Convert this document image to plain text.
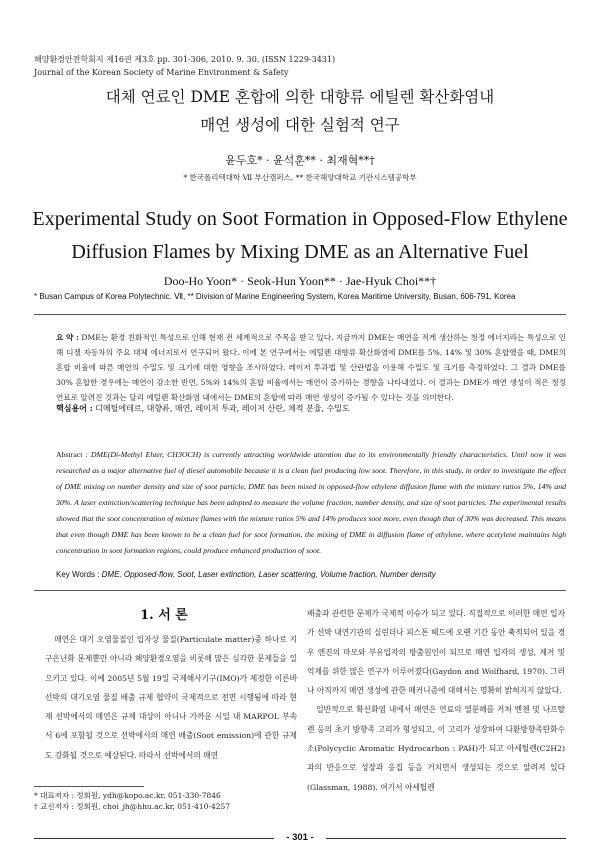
해양환경안전학회지 제16권 제3호 pp. 301-306, 2010. 9. 30. (ISSN 1229-3431)
Journal of the Korean Society of Marine Environment & Safety
대체 연료인 DME 혼합에 의한 대향류 에틸렌 확산화염내
매연 생성에 대한 실험적 연구
윤두호* · 윤석훈** · 최재혁**†
* 한국폴리텍대학 Ⅶ 부산캠퍼스, ** 한국해양대학교 기관시스템공학부
Experimental Study on Soot Formation in Opposed-Flow Ethylene
Diffusion Flames by Mixing DME as an Alternative Fuel
Doo-Ho Yoon* · Seok-Hun Yoon** · Jae-Hyuk Choi**†
* Busan Campus of Korea Polytechnic. Ⅶ, ** Division of Marine Engineering System, Korea Maritime University, Busan, 606-791, Korea
요 약 : DME는 환경 친화적인 특성으로 인해 현재 전 세계적으로 주목을 받고 있다. 지금까지 DME는 매연을 적게 생산하는 청정 에너지라는 특성으로 인해 디젤 자동차의 주요 대체 에너지로서 연구되어 왔다. 이에 본 연구에서는 에틸렌 대향류 확산화염에 DME를 5%, 14% 및 30% 혼합했을 때, DME의 혼합 비율에 따른 매연의 수밀도 및 크기에 대한 영향을 조사하였다. 레이저 투과법 및 산란법을 이용해 수밀도 및 크기를 측정하였다. 그 결과 DME를 30% 혼합한 경우에는 매연이 감소한 반면, 5%와 14%의 혼합 비율에서는 매연이 증가하는 경향을 나타내었다. 이 결과는 DME가 매연 생성이 적은 청정 연료로 알려진 것과는 달리 에틸렌 확산화염 내에서는 DME의 혼합에 따라 매연 생성이 증가될 수 있다는 것을 의미한다.
핵심용어 : 디메틸에테르, 대향류, 매연, 레이저 투과, 레이저 산란, 체적 분율, 수밀도
Abstract : DME(Di-Methyl Ehter, CH3OCH) is currently attracting worldwide attention due to its environmentally friendly characteristics. Until now it was researched as a major alternative fuel of diesel automobile because it is a clean fuel producing low soot. Therefore, in this study, in order to investigate the effect of DME mixing on number density and size of soot particle, DME has been mixed in opposed-flow ethylene diffusion flame with the mixture ratios 5%, 14% and 30%. A laser extinction/scattering technique has been adopted to measure the volume fraction, number density, and size of soot particles. The experimental results showed that the soot concentration of mixture flames with the mixture ratios 5% and 14% produces soot more, even though that of 30% was decreased. This means that even though DME has been known to be a clean fuel for soot formation, the mixing of DME in diffusion flame of ethylene, where acetylene maintains high concentration in soot formation regions, could produce enhanced production of soot.
Key Words : DME, Opposed-flow, Soot, Laser extinction, Laser scattering, Volume fraction, Number density
1. 서 론
매연은 대기 오염물질인 입자상 물질(Particulate matter)중 하나로 지구온난화 문제뿐만 아니라 해양환경오염을 비롯해 많은 심각한 문제들을 일으키고 있다. 이에 2005년 5월 19일 국제해사기구(IMO)가 제정한 이른바 선박의 대기오염 물질 배출 규제 협약이 국제적으로 전면 시행됨에 따라 현재 선박에서의 매연은 규제 대상이 아니나 가까운 시일 내 MARPOL 부속서 6에 포함될 것으로 선박에서의 매연 배출(Soot emission)에 관한 규제도 강화될 것으로 예상된다. 따라서 선박에서의 매연
배출과 관련한 문제가 국제적 이슈가 되고 있다. 직접적으로 이러한 매연 입자가 선박 내연기관의 실린더나 피스톤 헤드에 오랜 기간 동안 축적되어 있을 경우 엔진의 마모와 부유입자의 방출원인이 되므로 매연 입자의 생성, 제거 및 억제를 위한 많은 연구가 이루어졌다(Gaydon and Wolfhard, 1970). 그러나 아직까지 매연 생성에 관한 메커니즘에 대해서는 명확히 밝혀지지 않았다.
일반적으로 확산화염 내에서 매연은 연료의 열분해를 거쳐 벤젠 및 나프탈렌 등의 초기 방향족 고리가 형성되고, 이 고리가 성장하여 다환방향족탄화수소(Polycyclic Aromatic Hydrocarbon : PAH)가 되고 아세틸렌(C2H2)과의 반응으로 성장과 응집 등을 거치면서 생성되는 것으로 알려져 있다(Glassman, 1988). 여기서 아세틸렌
* 대표저자 : 정회원, ydh@kopo.ac.kr, 051-330-7846
† 교신저자 : 정회원, choi_jh@hhu.ac.kr, 051-410-4257
- 301 -
